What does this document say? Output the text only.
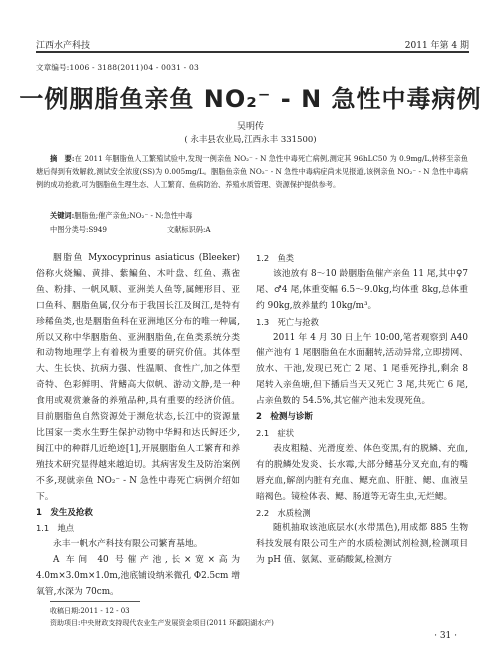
江西水产科技	2011 年第 4 期
文章编号:1006 - 3188(2011)04 - 0031 - 03
一例胭脂鱼亲鱼 NO₂⁻ - N 急性中毒病例
吴明传
( 永丰县农业局,江西永丰 331500)
摘　要:在 2011 年胭脂鱼人工繁殖试验中,发现一例亲鱼 NO₂⁻ - N 急性中毒死亡病例,测定其 96hLC50 为 0.9mg/L,转移至亲鱼塘后得到有效解救,测试安全浓度(SS)为 0.005mg/L。胭脂鱼亲鱼 NO₂⁻ - N 急性中毒病症尚未见报道,该例亲鱼 NO₂⁻ - N 急性中毒病例的成功抢救,可为胭脂鱼生理生态、人工繁育、鱼病防治、养殖水质管理、资源保护提供参考。
关键词:胭脂鱼;催产亲鱼;NO₂⁻ - N;急性中毒
中图分类号:S949	文献标识码:A

胭脂鱼 Myxocyprinus asiaticus (Bleeker) 俗称火烧鳊、黄排、紫鳊鱼、木叶盘、红鱼、燕雀鱼、粉排、一帆风顺、亚洲美人鱼等,属鲤形目、亚口鱼科、胭脂鱼属,仅分布于我国长江及闽江,是特有珍稀鱼类,也是胭脂鱼科在亚洲地区分布的唯一种属,所以又称中华胭脂鱼、亚洲胭脂鱼,在鱼类系统分类和动物地理学上有着极为重要的研究价值。其体型大、生长快、抗病力强、性温顺、食性广,加之体型奇特、色彩鲜明、背鳍高大似帆、游动文静,是一种食用或观赏兼备的养殖品种,具有重要的经济价值。目前胭脂鱼自然资源处于濒危状态,长江中的资源量比国家一类水生野生保护动物中华鲟和达氏鲟还少,闽江中的种群几近绝迹[1],开展胭脂鱼人工繁育和养殖技术研究显得越来越迫切。其病害发生及防治案例不多,现就亲鱼 NO₂⁻ - N 急性中毒死亡病例介绍如下。

1　发生及抢救

1.1　地点

永丰一帆水产科技有限公司繁育基地。

A 车间 40 号催产池,长×宽×高为 4.0m×3.0m×1.0m,池底铺设纳米微孔 Φ2.5cm 增氧管,水深为 70cm。

1.2　鱼类

该池放有 8～10 龄胭脂鱼催产亲鱼 11 尾,其中♀7 尾、♂4 尾,体重变幅 6.5～9.0kg,均体重 8kg,总体重约 90kg,放养量约 10kg/m³。

1.3　死亡与抢救

2011 年 4 月 30 日上午 10:00,笔者观察到 A40 催产池有 1 尾胭脂鱼在水面翻转,活动异常,立即捞网、放水、干池,发现已死亡 2 尾、1 尾垂死挣扎,剩余 8 尾转入亲鱼塘,但下播后当天又死亡 3 尾,共死亡 6 尾,占亲鱼数的 54.5%,其它催产池未发现死鱼。

2　检测与诊断

2.1　症状

表皮粗糙、光滑度差、体色变黑,有的脱鳞、充血,有的脱鳞处发炎、长水霉,大部分鳍基分叉充血,有的嘴唇充血,解剖内脏有充血、鳃充血、肝脏、鳃、血液呈暗褐色。镜检体表、鳃、肠道等无寄生虫,无烂鳃。

2.2　水质检测

随机抽取该池底层水(水带黑色),用成都 885 生物科技发展有限公司生产的水质检测试剂检测,检测项目为 pH 值、氨氮、亚硝酸氮,检测方

收稿日期:2011 - 12 - 03
资助项目:中央财政支持现代农业生产发展资金项目(2011 环鄱阳湖水产)
· 31 ·
